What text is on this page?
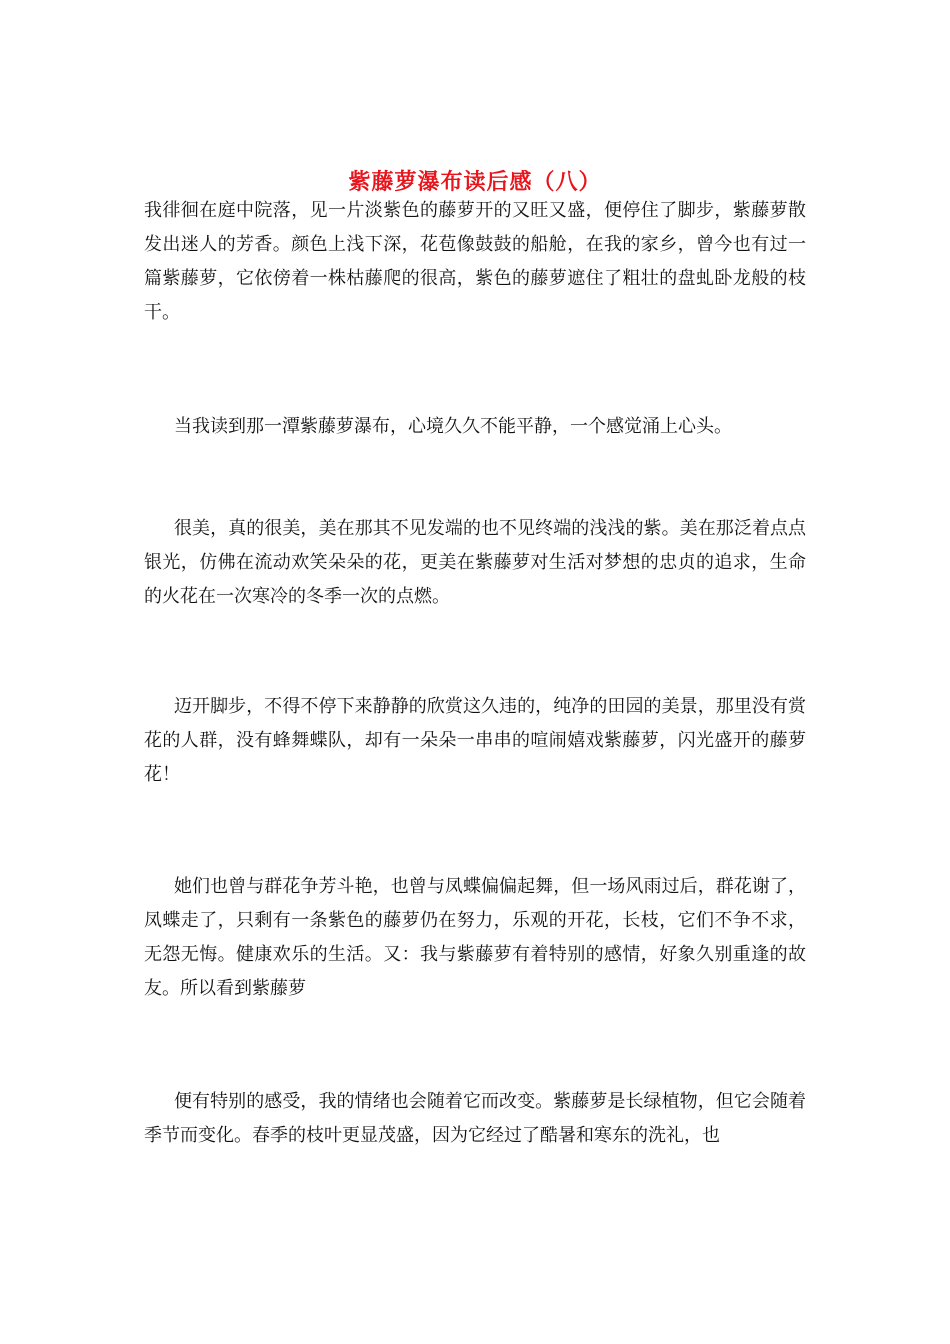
紫藤萝瀑布读后感（八）

我徘徊在庭中院落，见一片淡紫色的藤萝开的又旺又盛，便停住了脚步，紫藤萝散发出迷人的芳香。颜色上浅下深，花苞像鼓鼓的船舱，在我的家乡，曾今也有过一篇紫藤萝，它依傍着一株枯藤爬的很高，紫色的藤萝遮住了粗壮的盘虬卧龙般的枝干。

当我读到那一潭紫藤萝瀑布，心境久久不能平静，一个感觉涌上心头。

很美，真的很美，美在那其不见发端的也不见终端的浅浅的紫。美在那泛着点点银光，仿佛在流动欢笑朵朵的花，更美在紫藤萝对生活对梦想的忠贞的追求，生命的火花在一次寒冷的冬季一次的点燃。

迈开脚步，不得不停下来静静的欣赏这久违的，纯净的田园的美景，那里没有赏花的人群，没有蜂舞蝶队，却有一朵朵一串串的喧闹嬉戏紫藤萝，闪光盛开的藤萝花！

她们也曾与群花争芳斗艳，也曾与凤蝶偏偏起舞，但一场风雨过后，群花谢了，凤蝶走了，只剩有一条紫色的藤萝仍在努力，乐观的开花，长枝，它们不争不求，无怨无悔。健康欢乐的生活。又：我与紫藤萝有着特别的感情，好象久别重逢的故友。所以看到紫藤萝

便有特别的感受，我的情绪也会随着它而改变。紫藤萝是长绿植物，但它会随着季节而变化。春季的枝叶更显茂盛，因为它经过了酷暑和寒东的洗礼，也
